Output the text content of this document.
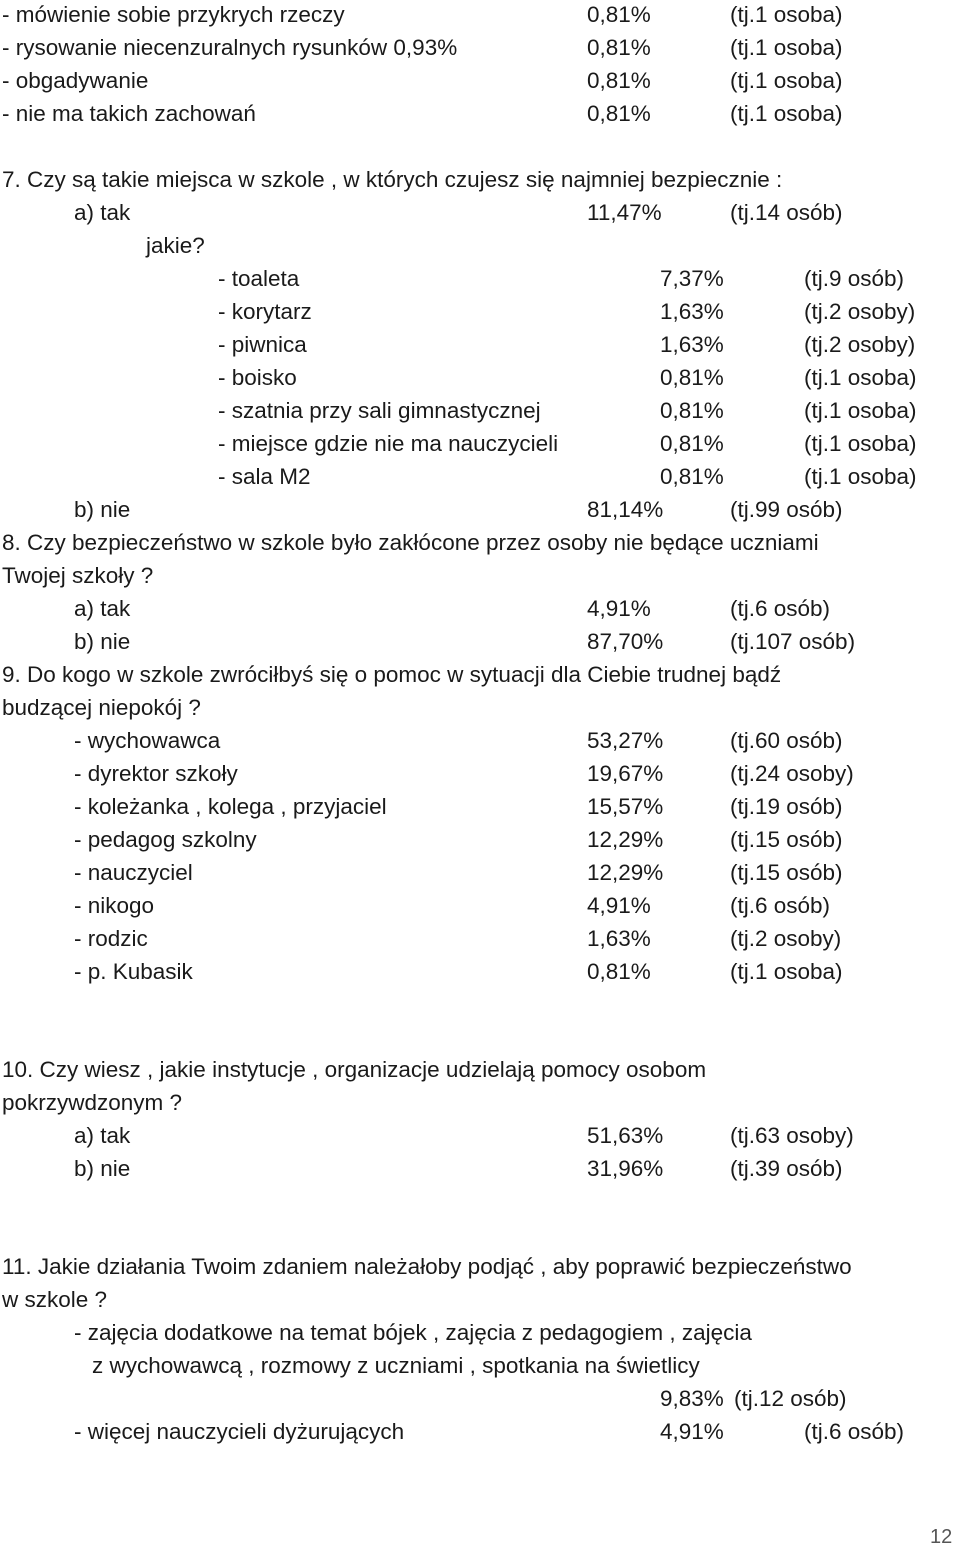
- mówienie sobie przykrych rzeczy	0,81%	(tj.1 osoba)
- rysowanie niecenzuralnych rysunków 0,93%	0,81%	(tj.1 osoba)
- obgadywanie	0,81%	(tj.1 osoba)
- nie ma takich zachowań	0,81%	(tj.1 osoba)
7. Czy są takie miejsca w szkole , w których czujesz się najmniej bezpiecznie :
a) tak	11,47%	(tj.14 osób)
jakie?
- toaleta	7,37%	(tj.9 osób)
- korytarz	1,63%	(tj.2 osoby)
- piwnica	1,63%	(tj.2 osoby)
- boisko	0,81%	(tj.1 osoba)
- szatnia przy sali gimnastycznej	0,81%	(tj.1 osoba)
- miejsce gdzie nie ma nauczycieli	0,81%	(tj.1 osoba)
- sala M2	0,81%	(tj.1 osoba)
b) nie	81,14%	(tj.99 osób)
8. Czy bezpieczeństwo w szkole było zakłócone przez osoby nie będące uczniami
Twojej szkoły ?
a) tak	4,91%	(tj.6 osób)
b) nie	87,70%	(tj.107 osób)
9. Do kogo w szkole zwróciłbyś się o pomoc w sytuacji dla Ciebie trudnej bądź
budzącej niepokój ?
- wychowawca	53,27%	(tj.60 osób)
- dyrektor szkoły	19,67%	(tj.24 osoby)
- koleżanka , kolega , przyjaciel	15,57%	(tj.19 osób)
- pedagog szkolny	12,29%	(tj.15 osób)
- nauczyciel	12,29%	(tj.15 osób)
- nikogo	4,91%	(tj.6 osób)
- rodzic	1,63%	(tj.2 osoby)
- p. Kubasik	0,81%	(tj.1 osoba)
10. Czy wiesz , jakie instytucje , organizacje udzielają pomocy osobom
pokrzywdzonym ?
a) tak	51,63%	(tj.63 osoby)
b) nie	31,96%	(tj.39 osób)
11. Jakie działania Twoim zdaniem należałoby podjąć , aby poprawić bezpieczeństwo
w szkole ?
- zajęcia dodatkowe na temat bójek , zajęcia z pedagogiem , zajęcia
z wychowawcą , rozmowy z uczniami , spotkania na świetlicy
9,83% (tj.12 osób)
- więcej nauczycieli dyżurujących	4,91%	(tj.6 osób)
12
